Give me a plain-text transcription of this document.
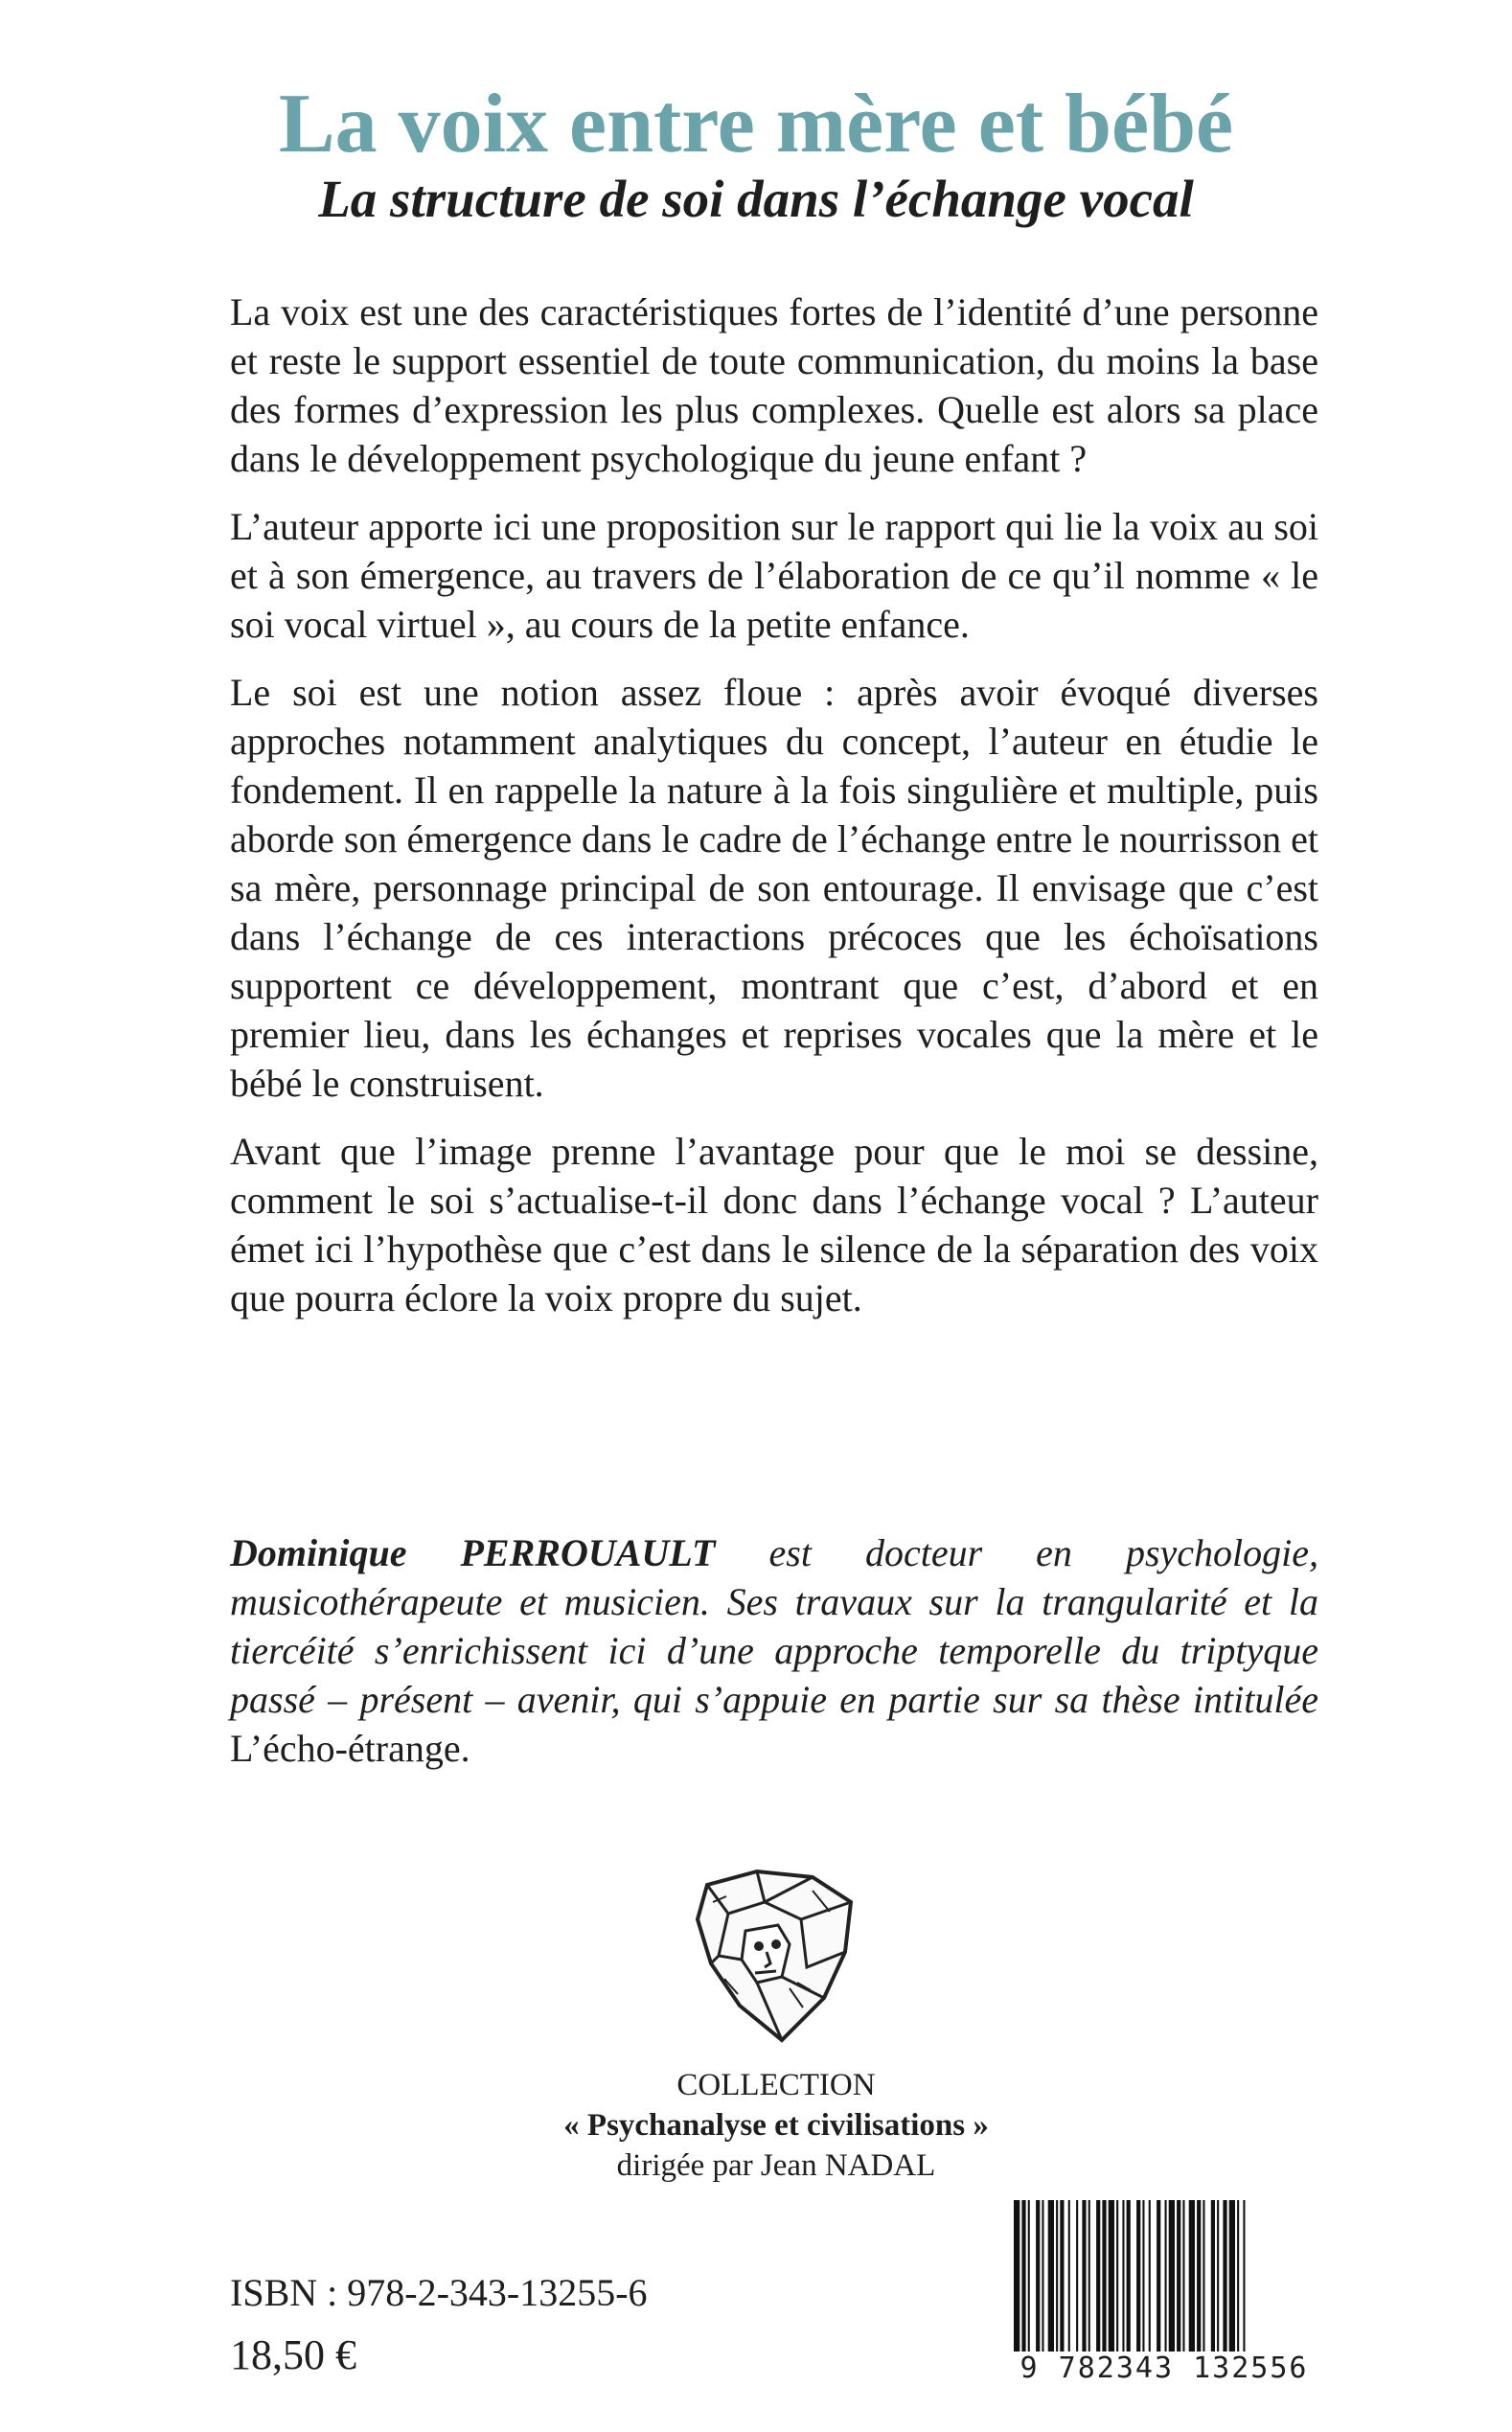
La voix entre mère et bébé
La structure de soi dans l’échange vocal

La voix est une des caractéristiques fortes de l’identité d’une personne et reste le support essentiel de toute communication, du moins la base des formes d’expression les plus complexes. Quelle est alors sa place dans le développement psychologique du jeune enfant ?

L’auteur apporte ici une proposition sur le rapport qui lie la voix au soi et à son émergence, au travers de l’élaboration de ce qu’il nomme « le soi vocal virtuel », au cours de la petite enfance.

Le soi est une notion assez floue : après avoir évoqué diverses approches notamment analytiques du concept, l’auteur en étudie le fondement. Il en rappelle la nature à la fois singulière et multiple, puis aborde son émergence dans le cadre de l’échange entre le nourrisson et sa mère, personnage principal de son entourage. Il envisage que c’est dans l’échange de ces interactions précoces que les échoïsations supportent ce développement, montrant que c’est, d’abord et en premier lieu, dans les échanges et reprises vocales que la mère et le bébé le construisent.

Avant que l’image prenne l’avantage pour que le moi se dessine, comment le soi s’actualise-t-il donc dans l’échange vocal ? L’auteur émet ici l’hypothèse que c’est dans le silence de la séparation des voix que pourra éclore la voix propre du sujet.

Dominique PERROUAULT est docteur en psychologie, musicothérapeute et musicien. Ses travaux sur la trangularité et la tiercéité s’enrichissent ici d’une approche temporelle du triptyque passé – présent – avenir, qui s’appuie en partie sur sa thèse intitulée L’écho-étrange.

COLLECTION
« Psychanalyse et civilisations »
dirigée par Jean NADAL
ISBN : 978-2-343-13255-6
18,50 €	9 782343 132556
